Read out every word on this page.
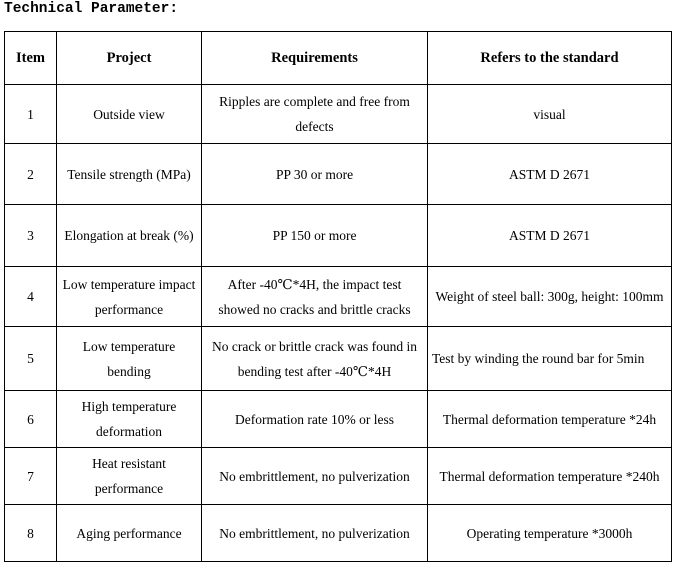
Technical Parameter:
Item	Project	Requirements	Refers to the standard
1	Outside view	Ripples are complete and free from defects	visual
2	Tensile strength (MPa)	PP 30 or more	ASTM D 2671
3	Elongation at break (%)	PP 150 or more	ASTM D 2671
4	Low temperature impact performance	After -40℃*4H, the impact test showed no cracks and brittle cracks	Weight of steel ball: 300g, height: 100mm
5	Low temperature bending	No crack or brittle crack was found in bending test after -40℃*4H	Test by winding the round bar for 5min
6	High temperature deformation	Deformation rate 10% or less	Thermal deformation temperature *24h
7	Heat resistant performance	No embrittlement, no pulverization	Thermal deformation temperature *240h
8	Aging performance	No embrittlement, no pulverization	Operating temperature *3000h
